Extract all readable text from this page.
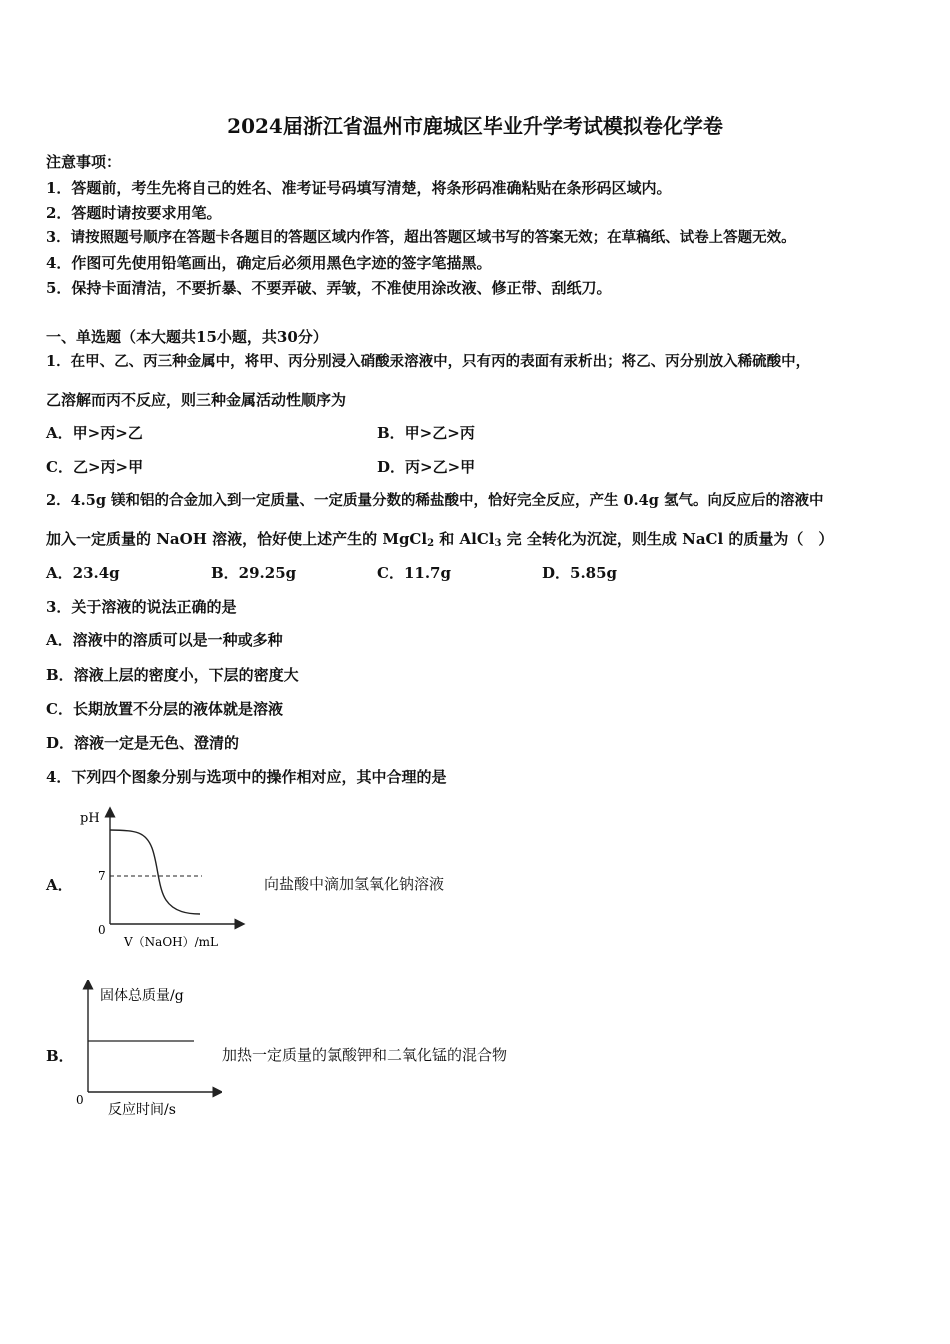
2024届浙江省温州市鹿城区毕业升学考试模拟卷化学卷
注意事项：
1．答题前，考生先将自己的姓名、准考证号码填写清楚，将条形码准确粘贴在条形码区域内。
2．答题时请按要求用笔。
3．请按照题号顺序在答题卡各题目的答题区域内作答，超出答题区域书写的答案无效；在草稿纸、试卷上答题无效。
4．作图可先使用铅笔画出，确定后必须用黑色字迹的签字笔描黑。
5．保持卡面清洁，不要折暴、不要弄破、弄皱，不准使用涂改液、修正带、刮纸刀。
一、单选题（本大题共15小题，共30分）
1．在甲、乙、丙三种金属中，将甲、丙分别浸入硝酸汞溶液中，只有丙的表面有汞析出；将乙、丙分别放入稀硫酸中，
乙溶解而丙不反应，则三种金属活动性顺序为
A．甲>丙>乙	B．甲>乙>丙
C．乙>丙>甲	D．丙>乙>甲
2．4.5g 镁和铝的合金加入到一定质量、一定质量分数的稀盐酸中，恰好完全反应，产生 0.4g 氢气。向反应后的溶液中
加入一定质量的 NaOH 溶液，恰好使上述产生的 MgCl$_2$ 和 AlCl$_3$ 完 全转化为沉淀，则生成 NaCl 的质量为（　）
A．23.4g	B．29.25g	C．11.7g	D．5.85g
3．关于溶液的说法正确的是
A．溶液中的溶质可以是一种或多种
B．溶液上层的密度小，下层的密度大
C．长期放置不分层的液体就是溶液
D．溶液一定是无色、澄清的
4．下列四个图象分别与选项中的操作相对应，其中合理的是
A．
pH
7
0
V（NaOH）/mL
向盐酸中滴加氢氧化钠溶液
B．
固体总质量/g
0
反应时间/s
加热一定质量的氯酸钾和二氧化锰的混合物
